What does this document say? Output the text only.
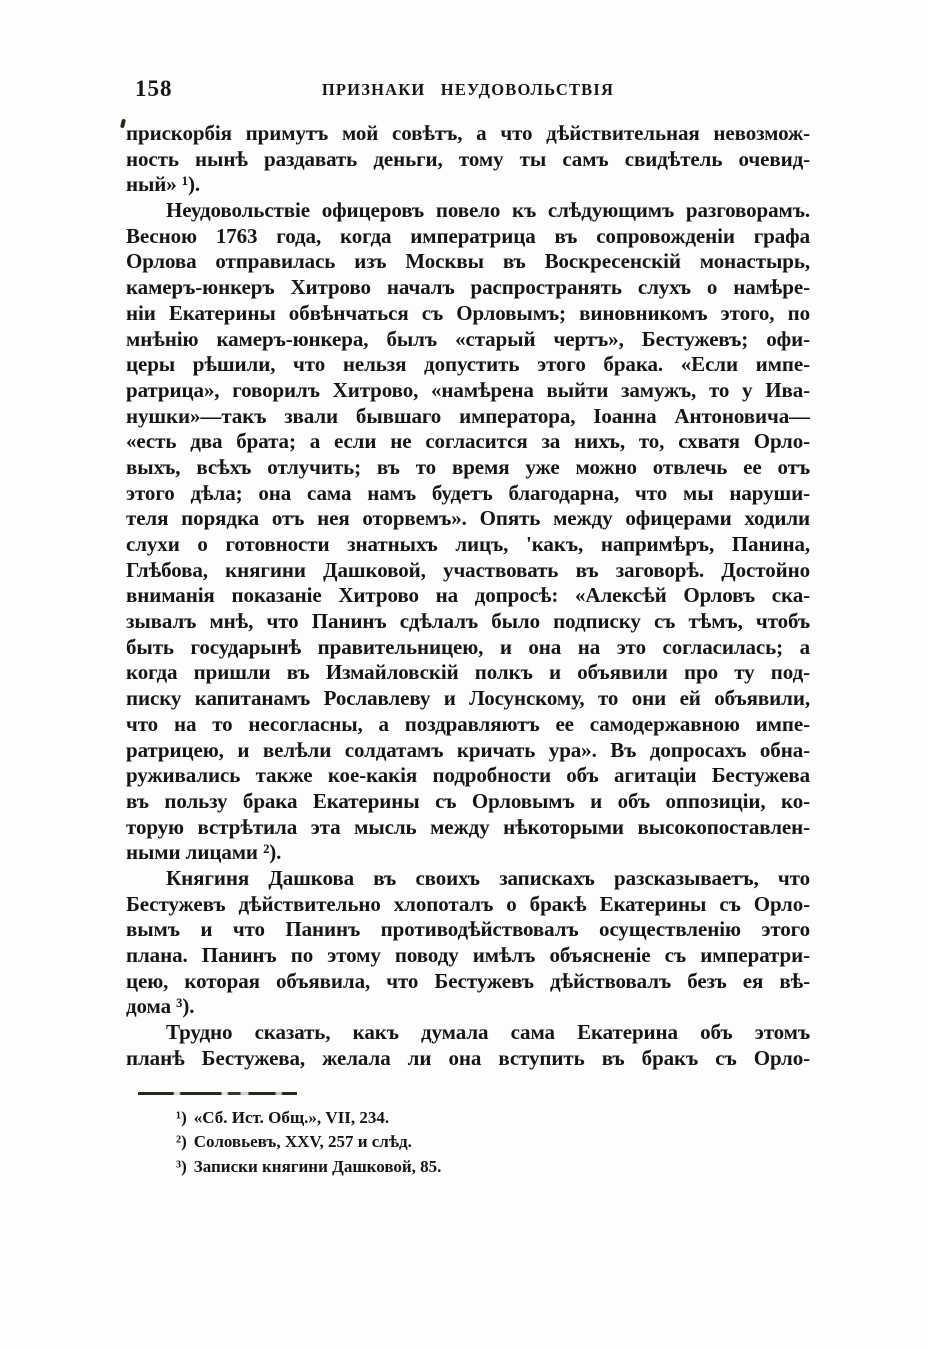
158	ПРИЗНАКИ НЕУДОВОЛЬСТВІЯ
прискорбія примутъ мой совѣтъ, а что дѣйствительная невозмож-
ность нынѣ раздавать деньги, тому ты самъ свидѣтель очевид-
ный» ¹).
Неудовольствіе офицеровъ повело къ слѣдующимъ разговорамъ.
Весною 1763 года, когда императрица въ сопровожденіи графа
Орлова отправилась изъ Москвы въ Воскресенскій монастырь,
камеръ-юнкеръ Хитрово началъ распространять слухъ о намѣре-
ніи Екатерины обвѣнчаться съ Орловымъ; виновникомъ этого, по
мнѣнію камеръ-юнкера, былъ «старый чертъ», Бестужевъ; офи-
церы рѣшили, что нельзя допустить этого брака. «Если импе-
ратрица», говорилъ Хитрово, «намѣрена выйти замужъ, то у Ива-
нушки»—такъ звали бывшаго императора, Іоанна Антоновича—
«есть два брата; а если не согласится за нихъ, то, схватя Орло-
выхъ, всѣхъ отлучить; въ то время уже можно отвлечь ее отъ
этого дѣла; она сама намъ будетъ благодарна, что мы наруши-
теля порядка отъ нея оторвемъ». Опять между офицерами ходили
слухи о готовности знатныхъ лицъ, 'какъ, напримѣръ, Панина,
Глѣбова, княгини Дашковой, участвовать въ заговорѣ. Достойно
вниманія показаніе Хитрово на допросѣ: «Алексѣй Орловъ ска-
зывалъ мнѣ, что Панинъ сдѣлалъ было подписку съ тѣмъ, чтобъ
быть государынѣ правительницею, и она на это согласилась; а
когда пришли въ Измайловскій полкъ и объявили про ту под-
писку капитанамъ Рославлеву и Лосунскому, то они ей объявили,
что на то несогласны, а поздравляютъ ее самодержавною импе-
ратрицею, и велѣли солдатамъ кричать ура». Въ допросахъ обна-
руживались также кое-какія подробности объ агитаціи Бестужева
въ пользу брака Екатерины съ Орловымъ и объ оппозиціи, ко-
торую встрѣтила эта мысль между нѣкоторыми высокопоставлен-
ными лицами ²).
Княгиня Дашкова въ своихъ запискахъ разсказываетъ, что
Бестужевъ дѣйствительно хлопоталъ о бракѣ Екатерины съ Орло-
вымъ и что Панинъ противодѣйствовалъ осуществленію этого
плана. Панинъ по этому поводу имѣлъ объясненіе съ императри-
цею, которая объявила, что Бестужевъ дѣйствовалъ безъ ея вѣ-
дома ³).
Трудно сказать, какъ думала сама Екатерина объ этомъ
планѣ Бестужева, желала ли она вступить въ бракъ съ Орло-
¹) «Сб. Ист. Общ.», VII, 234.
²) Соловьевъ, XXV, 257 и слѣд.
³) Записки княгини Дашковой, 85.
